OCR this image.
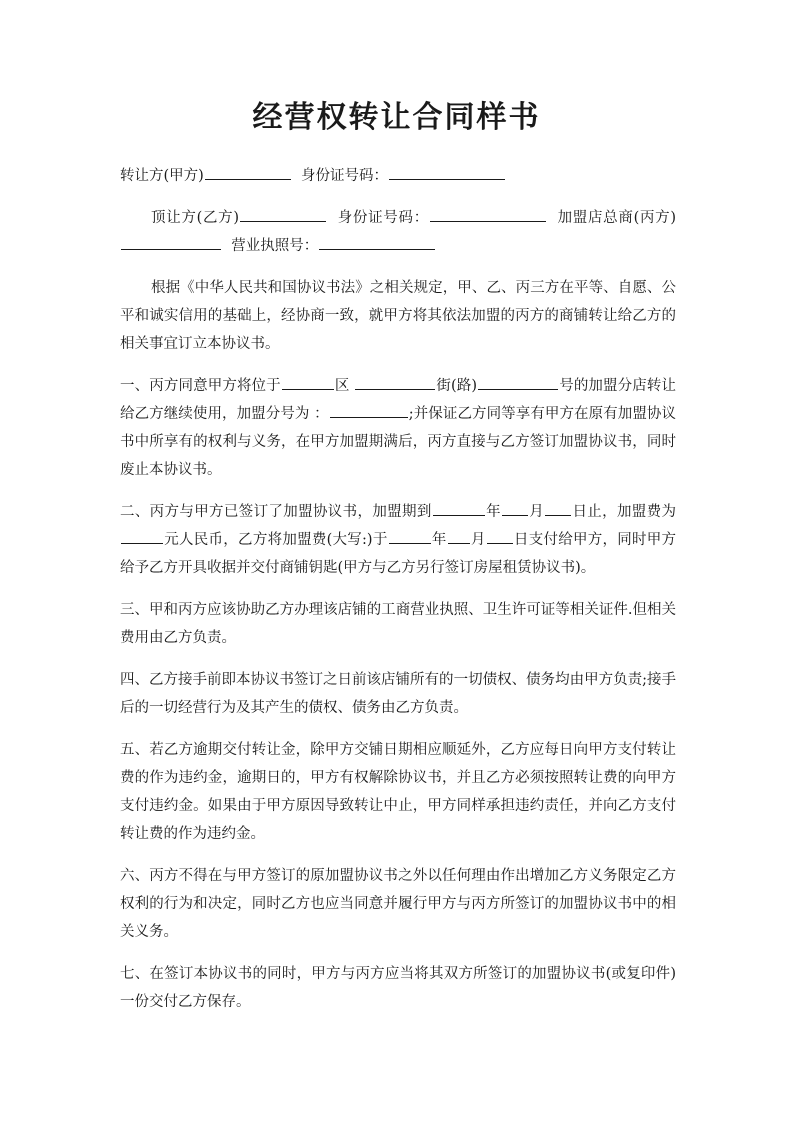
经营权转让合同样书

转让方(甲方)	身份证号码：

顶让方(乙方)	身份证号码：	加盟店总商(丙方)  营业执照号：

根据《中华人民共和国协议书法》之相关规定，甲、乙、丙三方在平等、自愿、公平和诚实信用的基础上，经协商一致，就甲方将其依法加盟的丙方的商铺转让给乙方的相关事宜订立本协议书。

一、丙方同意甲方将位于	区	街(路)	号的加盟分店转让给乙方继续使用，加盟分号为 ：	;并保证乙方同等享有甲方在原有加盟协议书中所享有的权利与义务，在甲方加盟期满后，丙方直接与乙方签订加盟协议书，同时废止本协议书。

二、丙方与甲方已签订了加盟协议书，加盟期到	年 月 日止，加盟费为元人民币，乙方将加盟费(大写:)于	年 月 日支付给甲方，同时甲方给予乙方开具收据并交付商铺钥匙(甲方与乙方另行签订房屋租赁协议书)。

三、甲和丙方应该协助乙方办理该店铺的工商营业执照、卫生许可证等相关证件.但相关费用由乙方负责。

四、乙方接手前即本协议书签订之日前该店铺所有的一切债权、债务均由甲方负责;接手后的一切经营行为及其产生的债权、债务由乙方负责。

五、若乙方逾期交付转让金，除甲方交铺日期相应顺延外，乙方应每日向甲方支付转让费的作为违约金，逾期日的，甲方有权解除协议书，并且乙方必须按照转让费的向甲方支付违约金。如果由于甲方原因导致转让中止，甲方同样承担违约责任，并向乙方支付转让费的作为违约金。

六、丙方不得在与甲方签订的原加盟协议书之外以任何理由作出增加乙方义务限定乙方权利的行为和决定，同时乙方也应当同意并履行甲方与丙方所签订的加盟协议书中的相关义务。

七、在签订本协议书的同时，甲方与丙方应当将其双方所签订的加盟协议书(或复印件)一份交付乙方保存。
